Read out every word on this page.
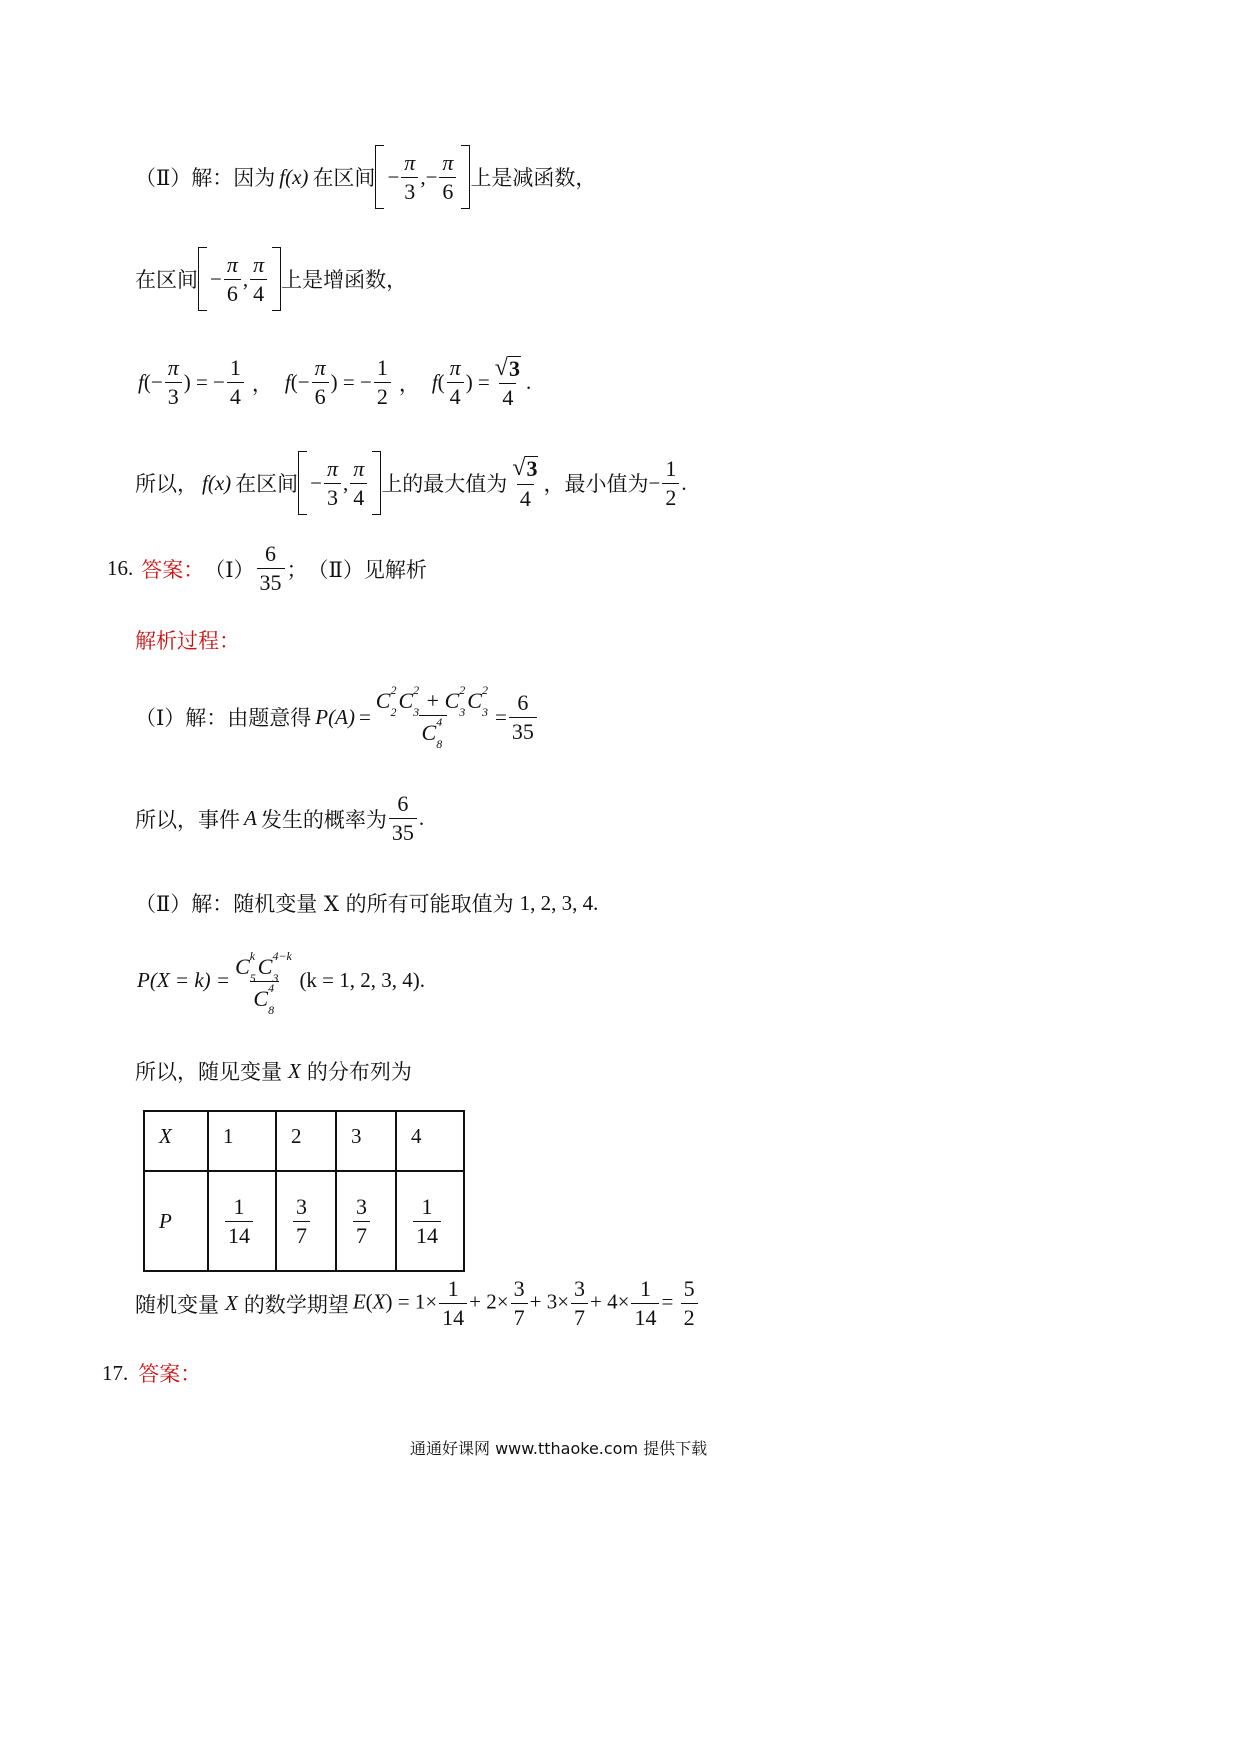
（Ⅱ）解：因为 f(x) 在区间 − $\frac{\pi}{3}$ ,− $\frac{\pi}{6}$ 上是减函数，
在区间 − $\frac{\pi}{6}$ , $\frac{\pi}{4}$ 上是增函数，
f (− $\frac{\pi}{3}$ ) = − $\frac{1}{4}$ ， f (− $\frac{\pi}{6}$ ) = − $\frac{1}{2}$ ， f ( $\frac{\pi}{4}$ ) = $\frac{√ 3}{4}$ .
所以， f(x) 在区间 − $\frac{\pi}{3}$ , $\frac{\pi}{4}$ 上的最大值为 $\frac{√ 3}{4}$ ，最小值为 − $\frac{1}{2}$ .
16. 答案： （Ⅰ） $\frac{6}{35}$ ； （Ⅱ）见解析
解析过程：
（Ⅰ）解：由题意得 P(A) = C 2
2 C 2
3 + C 2
3 C 2
3
C 4
$8 = \frac{6}{35}$
所以，事件 A 发生的概率为 $\frac{6}{35}$ .
（Ⅱ）解：随机变量 X 的所有可能取值为 1, 2, 3, 4.
P(X = k) = C k
5 C 4−k
3
C 4
8 (k = 1, 2, 3, 4).
所以，随见变量 X 的分布列为
X	1	2	3	4
P	$\frac{1}{14}$	$\frac{3}{7}$	$\frac{3}{7}$	$\frac{1}{14}$
随机变量 X 的数学期望 $E(X) = 1\times \frac{1}{14} + 2\times \frac{3}{7} + 3\times \frac{3}{7} + 4\times \frac{1}{14} = \frac{5}{2}$
17. 答案：
通通好课网 www.tthaoke.com 提供下载
